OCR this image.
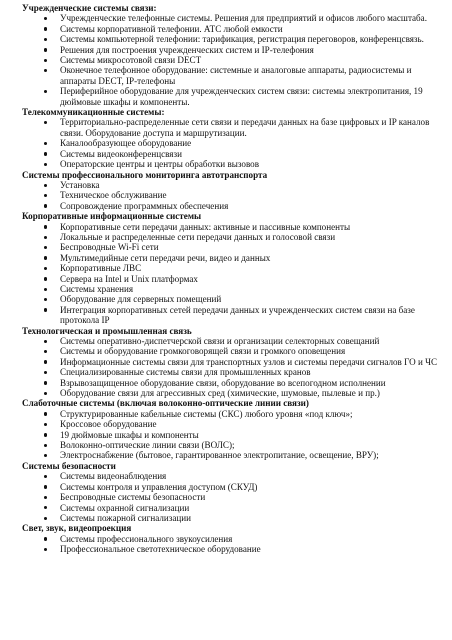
Учрежденческие системы связи:
Учрежденческие телефонные системы. Решения для предприятий и офисов любого масштаба.
Системы корпоративной телефонии. АТС любой емкости
Системы компьютерной телефонии: тарификация, регистрация переговоров, конференцсвязь.
Решения для построения учрежденческих систем и IP-телефония
Системы микросотовой связи DECT
Оконечное телефонное оборудование: системные и аналоговые аппараты, радиосистемы и аппараты DECT, IP-телефоны
Периферийное оборудование для учрежденческих систем связи: системы электропитания, 19 дюймовые шкафы и компоненты.
Телекоммуникационные системы:
Территориально-распределенные сети связи и передачи данных на базе цифровых и IP каналов связи. Оборудование доступа и маршрутизации.
Каналообразующее оборудование
Системы видеоконференцсвязи
Операторские центры и центры обработки вызовов
Системы профессионального мониторинга автотранспорта
Установка
Техническое обслуживание
Сопровождение программных обеспечения
Корпоративные информационные системы
Корпоративные сети передачи данных: активные и пассивные компоненты
Локальные и распределенные сети передачи данных и голосовой связи
Беспроводные Wi-Fi сети
Мультимедийные сети передачи речи, видео и данных
Корпоративные ЛВС
Сервера на Intel и Unix платформах
Системы хранения
Оборудование для серверных помещений
Интеграция корпоративных сетей передачи данных и учрежденческих систем связи на базе протокола IP
Технологическая и промышленная связь
Системы оперативно-диспетчерской связи и организации селекторных совещаний
Системы и оборудование громкоговорящей связи и громкого оповещения
Информационные системы связи для транспортных узлов и системы передачи сигналов ГО и ЧС
Специализированные системы связи для промышленных кранов
Взрывозащищенное оборудование связи, оборудование во всепогодном исполнении
Оборудование связи для агрессивных сред (химические, шумовые, пылевые и пр.)
Слаботочные системы (включая волоконно-оптические линии связи)
Структурированные кабельные системы (СКС) любого уровня «под ключ»;
Кроссовое оборудование
19 дюймовые шкафы и компоненты
Волоконно-оптические линии связи (ВОЛС);
Электроснабжение (бытовое, гарантированное электропитание, освещение, ВРУ);
Системы безопасности
Системы видеонаблюдения
Системы контроля и управления доступом (СКУД)
Беспроводные системы безопасности
Системы охранной сигнализации
Системы пожарной сигнализации
Свет, звук, видеопроекция
Системы профессионального звукоусиления
Профессиональное светотехническое оборудование
